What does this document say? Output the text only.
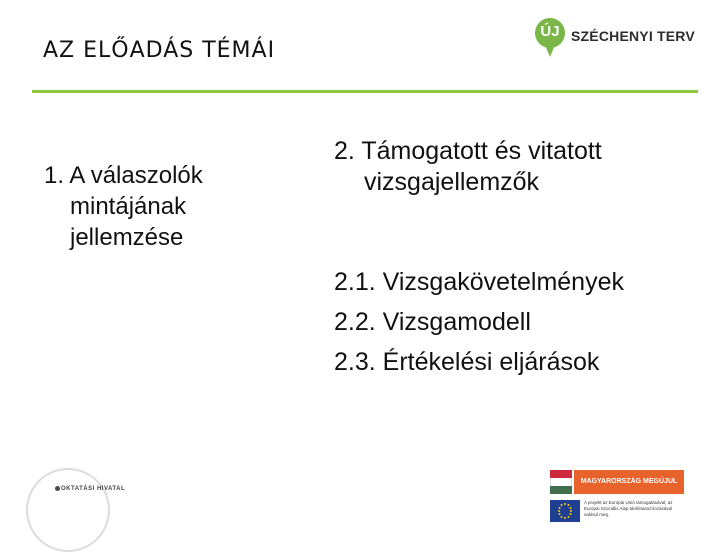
AZ ELŐADÁS TÉMÁI
ÚJ SZÉCHENYI TERV
1. A válaszolók
mintájának
jellemzése
2. Támogatott és vitatott
vizsgajellemzők
2.1. Vizsgakövetelmények
2.2. Vizsgamodell
2.3. Értékelési eljárások
OKTATÁSI HIVATAL
MAGYARORSZÁG MEGÚJUL
A projekt az Európai Unió támogatásával, az Európai Szociális Alap társfinanszírozásával valósul meg.
